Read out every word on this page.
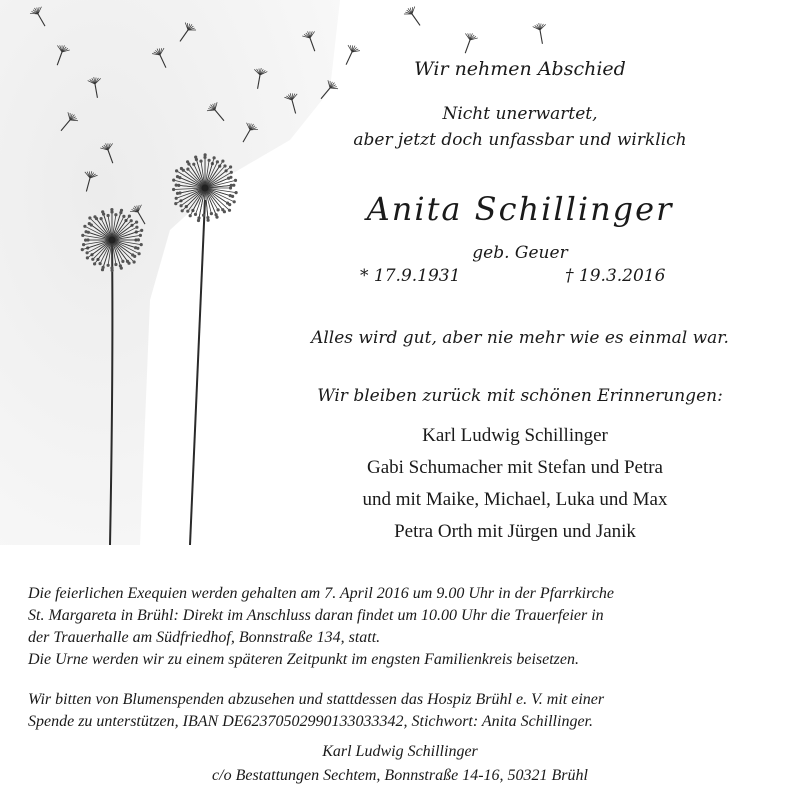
Wir nehmen Abschied
Nicht unerwartet,
aber jetzt doch unfassbar und wirklich
Anita Schillinger
geb. Geuer
* 17.9.1931	† 19.3.2016
Alles wird gut, aber nie mehr wie es einmal war.
Wir bleiben zurück mit schönen Erinnerungen:
Karl Ludwig Schillinger
Gabi Schumacher mit Stefan und Petra
und mit Maike, Michael, Luka und Max
Petra Orth mit Jürgen und Janik
Die feierlichen Exequien werden gehalten am 7. April 2016 um 9.00 Uhr in der Pfarrkirche
St. Margareta in Brühl: Direkt im Anschluss daran findet um 10.00 Uhr die Trauerfeier in
der Trauerhalle am Südfriedhof, Bonnstraße 134, statt.
Die Urne werden wir zu einem späteren Zeitpunkt im engsten Familienkreis beisetzen.
Wir bitten von Blumenspenden abzusehen und stattdessen das Hospiz Brühl e. V. mit einer
Spende zu unterstützen, IBAN DE62370502990133033342, Stichwort: Anita Schillinger.
Karl Ludwig Schillinger
c/o Bestattungen Sechtem, Bonnstraße 14-16, 50321 Brühl
